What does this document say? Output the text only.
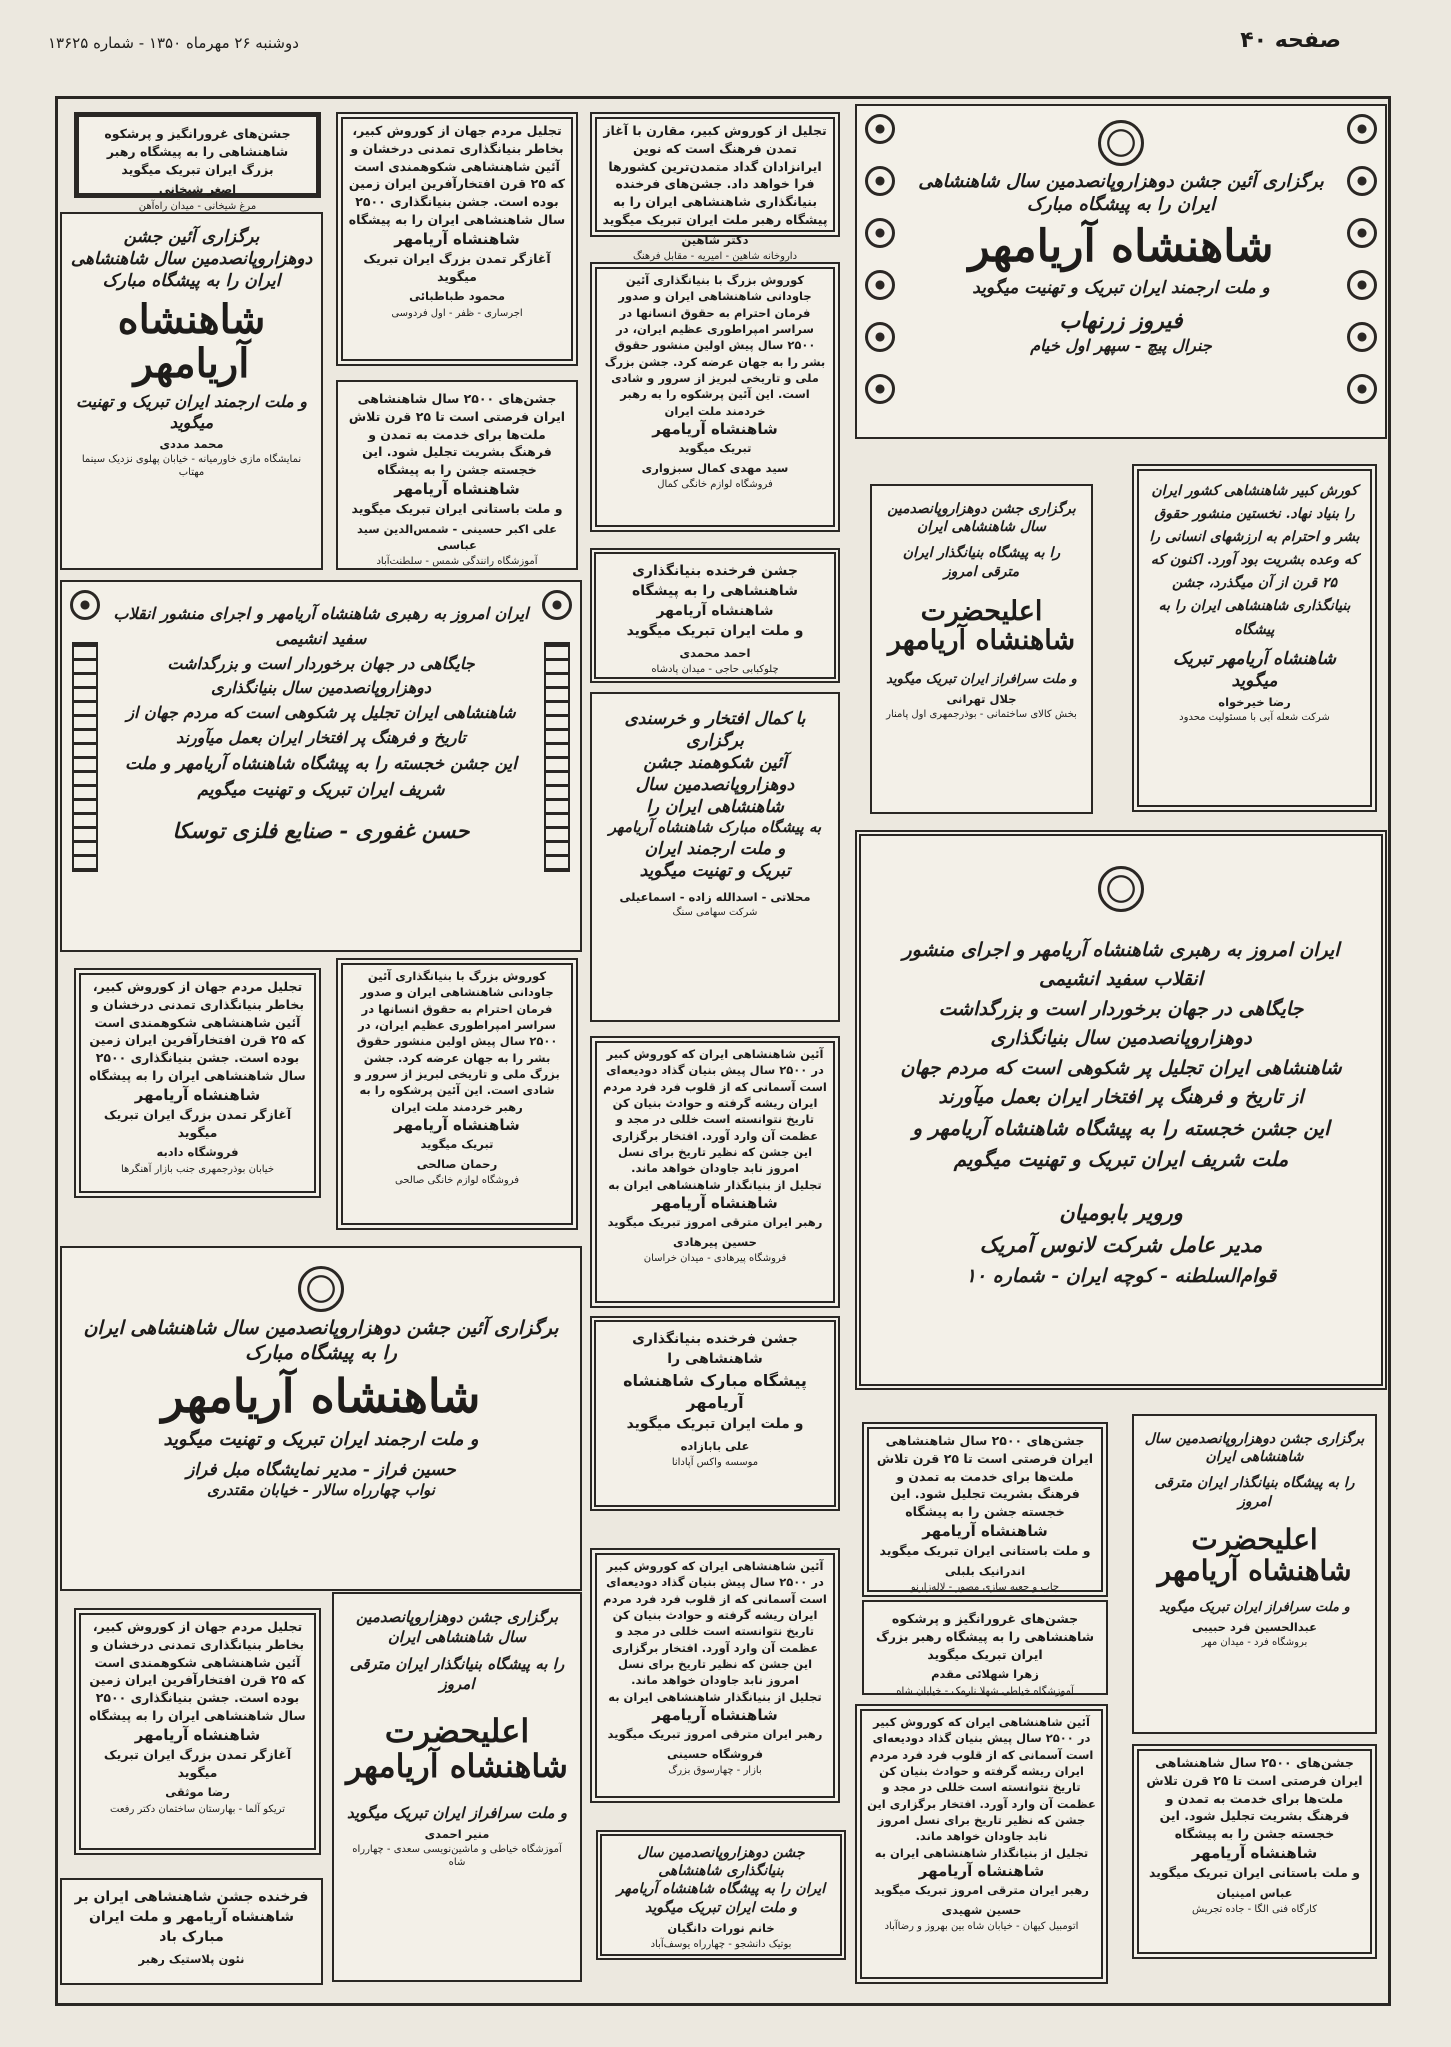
صفحه ۴۰
دوشنبه ۲۶ مهرماه ۱۳۵۰ - شماره ۱۳۶۲۵
جشن‌های غرورانگیز و پرشکوه شاهنشاهی را به پیشگاه رهبر بزرگ ایران تبریک میگوید
اصغر شیخانی
مرغ شیخانی - میدان راه‌آهن
برگزاری آئین جشن دوهزاروپانصدمین سال شاهنشاهی ایران را به پیشگاه مبارک
شاهنشاه آریامهر
و ملت ارجمند ایران تبریک و تهنیت میگوید
محمد مددی
نمایشگاه مازی خاورمیانه - خیابان پهلوی نزدیک سینما مهتاب
تجلیل مردم جهان از کوروش کبیر، بخاطر بنیانگذاری تمدنی درخشان و آئین شاهنشاهی شکوهمندی است که ۲۵ قرن افتخارآفرین ایران زمین بوده است. جشن بنیانگذاری ۲۵۰۰ سال شاهنشاهی ایران را به پیشگاه
شاهنشاه آریامهر
آغازگر تمدن بزرگ ایران تبریک میگوید
فروشگاه دادبه
خیابان بوذرجمهری جنب بازار آهنگرها
برگزاری آئین جشن دوهزاروپانصدمین سال شاهنشاهی ایران را به پیشگاه مبارک
شاهنشاه آریامهر
و ملت ارجمند ایران تبریک و تهنیت میگوید
حسین فراز - مدیر نمایشگاه مبل فراز
نواب چهارراه سالار - خیابان مقتدری
تجلیل مردم جهان از کوروش کبیر، بخاطر بنیانگذاری تمدنی درخشان و آئین شاهنشاهی شکوهمندی است که ۲۵ قرن افتخارآفرین ایران زمین بوده است. جشن بنیانگذاری ۲۵۰۰ سال شاهنشاهی ایران را به پیشگاه
شاهنشاه آریامهر
آغازگر تمدن بزرگ ایران تبریک میگوید
رضا موثقی
تریکو آلما - بهارستان ساختمان دکتر رفعت
فرخنده جشن شاهنشاهی ایران بر شاهنشاه آریامهر و ملت ایران مبارک باد
نئون پلاستیک رهبر
تجلیل مردم جهان از کوروش کبیر، بخاطر بنیانگذاری تمدنی درخشان و آئین شاهنشاهی شکوهمندی است که ۲۵ قرن افتخارآفرین ایران زمین بوده است. جشن بنیانگذاری ۲۵۰۰ سال شاهنشاهی ایران را به پیشگاه
شاهنشاه آریامهر
آغازگر تمدن بزرگ ایران تبریک میگوید
محمود طباطبائی
اجرساری - ظفر - اول فردوسی
جشن‌های ۲۵۰۰ سال شاهنشاهی ایران فرصتی است تا ۲۵ قرن تلاش ملت‌ها برای خدمت به تمدن و فرهنگ بشریت تجلیل شود. این خجسته جشن را به پیشگاه
شاهنشاه آریامهر
و ملت باستانی ایران تبریک میگوید
علی اکبر حسینی - شمس‌الدین سید عباسی
آموزشگاه رانندگی شمس - سلطنت‌آباد
کوروش بزرگ با بنیانگذاری آئین جاودانی شاهنشاهی ایران و صدور فرمان احترام به حقوق انسانها در سراسر امپراطوری عظیم ایران، در ۲۵۰۰ سال پیش اولین منشور حقوق بشر را به جهان عرضه کرد. جشن بزرگ ملی و تاریخی لبریز از سرور و شادی است. این آئین پرشکوه را به رهبر خردمند ملت ایران
شاهنشاه آریامهر
تبریک میگوید
رحمان صالحی
فروشگاه لوازم خانگی صالحی
برگزاری جشن دوهزاروپانصدمین سال شاهنشاهی ایران
را به پیشگاه بنیانگذار ایران مترقی امروز
اعلیحضرت شاهنشاه آریامهر
و ملت سرافراز ایران تبریک میگوید
منیر احمدی
آموزشگاه خیاطی و ماشین‌نویسی سعدی - چهارراه شاه
ایران امروز به رهبری شاهنشاه آریامهر و اجرای منشور انقلاب سفید انشیمی
جایگاهی در جهان برخوردار است و بزرگداشت دوهزاروپانصدمین سال بنیانگذاری
شاهنشاهی ایران تجلیل پر شکوهی است که مردم جهان از تاریخ و فرهنگ پر افتخار ایران بعمل میآورند
این جشن خجسته را به پیشگاه شاهنشاه آریامهر و ملت شریف ایران تبریک و تهنیت میگویم
حسن غفوری - صنایع فلزی توسکا
تجلیل از کوروش کبیر، مقارن با آغاز تمدن فرهنگ است که نوین ایرانزادان گداد متمدن‌ترین کشورها فرا خواهد داد. جشن‌های فرخنده بنیانگذاری شاهنشاهی ایران را به پیشگاه رهبر ملت ایران تبریک میگوید
دکتر شاهین
داروخانه شاهین - امیریه - مقابل فرهنگ
کوروش بزرگ با بنیانگذاری آئین جاودانی شاهنشاهی ایران و صدور فرمان احترام به حقوق انسانها در سراسر امپراطوری عظیم ایران، در ۲۵۰۰ سال پیش اولین منشور حقوق بشر را به جهان عرضه کرد. جشن بزرگ ملی و تاریخی لبریز از سرور و شادی است. این آئین پرشکوه را به رهبر خردمند ملت ایران
شاهنشاه آریامهر
تبریک میگوید
سید مهدی کمال سبزواری
فروشگاه لوازم خانگی کمال
جشن فرخنده بنیانگذاری شاهنشاهی را به پیشگاه شاهنشاه آریامهر
و ملت ایران تبریک میگوید
احمد محمدی
چلوکبابی حاجی - میدان پادشاه
با کمال افتخار و خرسندی
برگزاری
آئین شکوهمند جشن
دوهزاروپانصدمین سال
شاهنشاهی ایران را
به پیشگاه مبارک شاهنشاه آریامهر
و ملت ارجمند ایران
تبریک و تهنیت میگوید
محلاتی - اسدالله زاده - اسماعیلی
شرکت سهامی سنگ
آئین شاهنشاهی ایران که کوروش کبیر در ۲۵۰۰ سال پیش بنیان گذاد دودیعه‌ای است آسمانی که از قلوب فرد فرد مردم ایران ریشه گرفته و حوادث بنیان کن تاریخ نتوانسته است خللی در مجد و عظمت آن وارد آورد. افتخار برگزاری این جشن که نظیر تاریخ برای نسل امروز نابد جاودان خواهد ماند.
تجلیل از بنیانگذار شاهنشاهی ایران به
شاهنشاه آریامهر
رهبر ایران مترقی امروز تبریک میگوید
حسین پیرهادی
فروشگاه پیرهادی - میدان خراسان
جشن فرخنده بنیانگذاری شاهنشاهی را
پیشگاه مبارک شاهنشاه
آریامهر
و ملت ایران تبریک میگوید
علی بابازاده
موسسه واکس آپادانا
آئین شاهنشاهی ایران که کوروش کبیر در ۲۵۰۰ سال پیش بنیان گذاد دودیعه‌ای است آسمانی که از قلوب فرد فرد مردم ایران ریشه گرفته و حوادث بنیان کن تاریخ نتوانسته است خللی در مجد و عظمت آن وارد آورد. افتخار برگزاری این جشن که نظیر تاریخ برای نسل امروز نابد جاودان خواهد ماند.
تجلیل از بنیانگذار شاهنشاهی ایران به
شاهنشاه آریامهر
رهبر ایران مترقی امروز تبریک میگوید
فروشگاه حسینی
بازار - چهارسوق بزرگ
جشن دوهزاروپانصدمین سال بنیانگذاری شاهنشاهی
ایران را به پیشگاه شاهنشاه آریامهر و ملت ایران تبریک میگوید
خانم نورات دانگیان
بوتیک دانشجو - چهارراه یوسف‌آباد
برگزاری آئین جشن دوهزاروپانصدمین سال شاهنشاهی ایران را به پیشگاه مبارک
شاهنشاه آریامهر
و ملت ارجمند ایران تبریک و تهنیت میگوید
فیروز زرنهاب
جنرال پیچ - سپهر اول خیام
برگزاری جشن دوهزاروپانصدمین سال شاهنشاهی ایران
را به پیشگاه بنیانگذار ایران مترقی امروز
اعلیحضرت شاهنشاه آریامهر
و ملت سرافراز ایران تبریک میگوید
جلال تهرانی
بخش کالای ساختمانی - بوذرجمهری اول پامنار
کورش کبیر شاهنشاهی کشور ایران را بنیاد نهاد. نخستین منشور حقوق بشر و احترام به ارزشهای انسانی را که وعده بشریت بود آورد. اکنون که ۲۵ قرن از آن میگذرد، جشن بنیانگذاری شاهنشاهی ایران را به پیشگاه
شاهنشاه آریامهر تبریک میگوید
رضا خیرخواه
شرکت شعله آبی با مسئولیت محدود
ایران امروز به رهبری شاهنشاه آریامهر و اجرای منشور انقلاب سفید انشیمی
جایگاهی در جهان برخوردار است و بزرگداشت دوهزاروپانصدمین سال بنیانگذاری
شاهنشاهی ایران تجلیل پر شکوهی است که مردم جهان از تاریخ و فرهنگ پر افتخار ایران بعمل میآورند
این جشن خجسته را به پیشگاه شاهنشاه آریامهر و ملت شریف ایران تبریک و تهنیت میگویم
ورویر بابومیان
مدیر عامل شرکت لانوس آمریک
قوام‌السلطنه - کوچه ایران - شماره ۱۰
جشن‌های ۲۵۰۰ سال شاهنشاهی ایران فرصتی است تا ۲۵ قرن تلاش ملت‌ها برای خدمت به تمدن و فرهنگ بشریت تجلیل شود. این خجسته جشن را به پیشگاه
شاهنشاه آریامهر
و ملت باستانی ایران تبریک میگوید
اندرانیک بلبلی
چاپ و جعبه سازی مصور - لاله‌زارنو
جشن‌های غرورانگیز و پرشکوه شاهنشاهی را به پیشگاه رهبر بزرگ ایران تبریک میگوید
زهرا شهلائی مقدم
آموزشگاه خیاطی شهلا نارمک - خیابان شاه
آئین شاهنشاهی ایران که کوروش کبیر در ۲۵۰۰ سال پیش بنیان گذاد دودیعه‌ای است آسمانی که از قلوب فرد فرد مردم ایران ریشه گرفته و حوادث بنیان کن تاریخ نتوانسته است خللی در مجد و عظمت آن وارد آورد. افتخار برگزاری این جشن که نظیر تاریخ برای نسل امروز نابد جاودان خواهد ماند.
تجلیل از بنیانگذار شاهنشاهی ایران به
شاهنشاه آریامهر
رهبر ایران مترقی امروز تبریک میگوید
حسین شهیدی
اتومبیل کیهان - خیابان شاه بین بهروز و رضا‌آباد
برگزاری جشن دوهزاروپانصدمین سال شاهنشاهی ایران
را به پیشگاه بنیانگذار ایران مترقی امروز
اعلیحضرت شاهنشاه آریامهر
و ملت سرافراز ایران تبریک میگوید
عبدالحسین فرد حبیبی
بروشگاه فرد - میدان مهر
جشن‌های ۲۵۰۰ سال شاهنشاهی ایران فرصتی است تا ۲۵ قرن تلاش ملت‌ها برای خدمت به تمدن و فرهنگ بشریت تجلیل شود. این خجسته جشن را به پیشگاه
شاهنشاه آریامهر
و ملت باستانی ایران تبریک میگوید
عباس امینیان
کارگاه فنی الگا - جاده تجریش
